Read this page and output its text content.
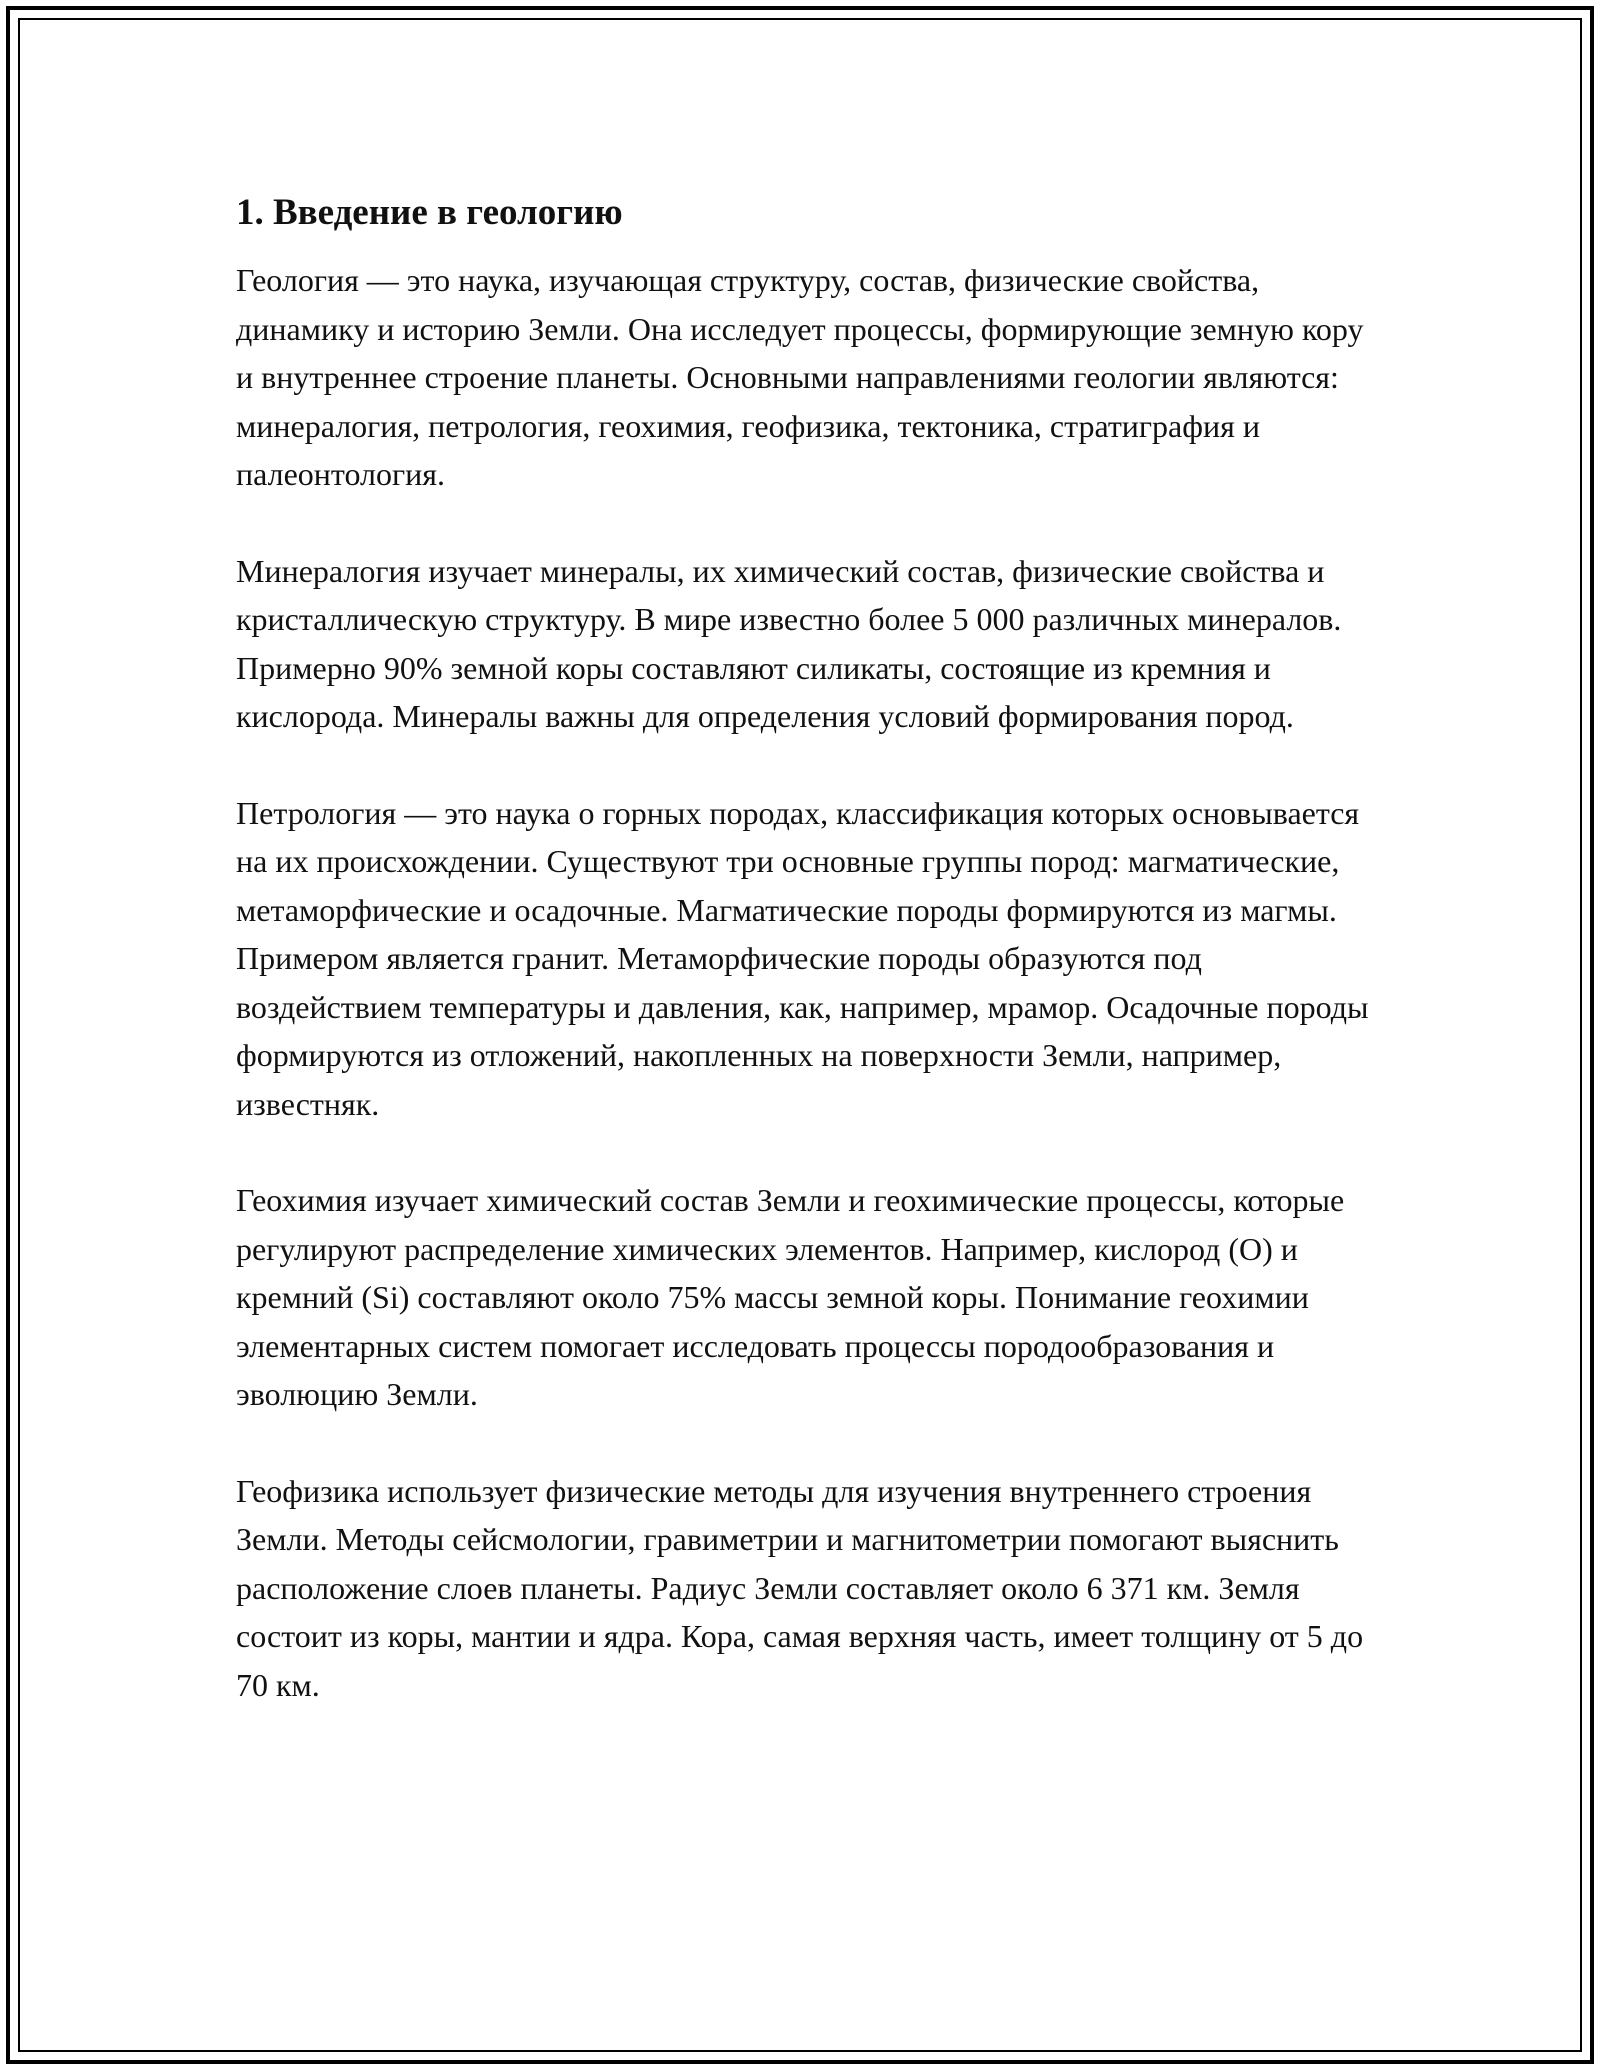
1. Введение в геологию

Геология — это наука, изучающая структуру, состав, физические свойства, динамику и историю Земли. Она исследует процессы, формирующие земную кору и внутреннее строение планеты. Основными направлениями геологии являются: минералогия, петрология, геохимия, геофизика, тектоника, стратиграфия и палеонтология.

Минералогия изучает минералы, их химический состав, физические свойства и кристаллическую структуру. В мире известно более 5 000 различных минералов. Примерно 90% земной коры составляют силикаты, состоящие из кремния и кислорода. Минералы важны для определения условий формирования пород.

Петрология — это наука о горных породах, классификация которых основывается на их происхождении. Существуют три основные группы пород: магматические, метаморфические и осадочные. Магматические породы формируются из магмы. Примером является гранит. Метаморфические породы образуются под воздействием температуры и давления, как, например, мрамор. Осадочные породы формируются из отложений, накопленных на поверхности Земли, например, известняк.

Геохимия изучает химический состав Земли и геохимические процессы, которые регулируют распределение химических элементов. Например, кислород (O) и кремний (Si) составляют около 75% массы земной коры. Понимание геохимии элементарных систем помогает исследовать процессы породообразования и эволюцию Земли.

Геофизика использует физические методы для изучения внутреннего строения Земли. Методы сейсмологии, гравиметрии и магнитометрии помогают выяснить расположение слоев планеты. Радиус Земли составляет около 6 371 км. Земля состоит из коры, мантии и ядра. Кора, самая верхняя часть, имеет толщину от 5 до 70 км.
